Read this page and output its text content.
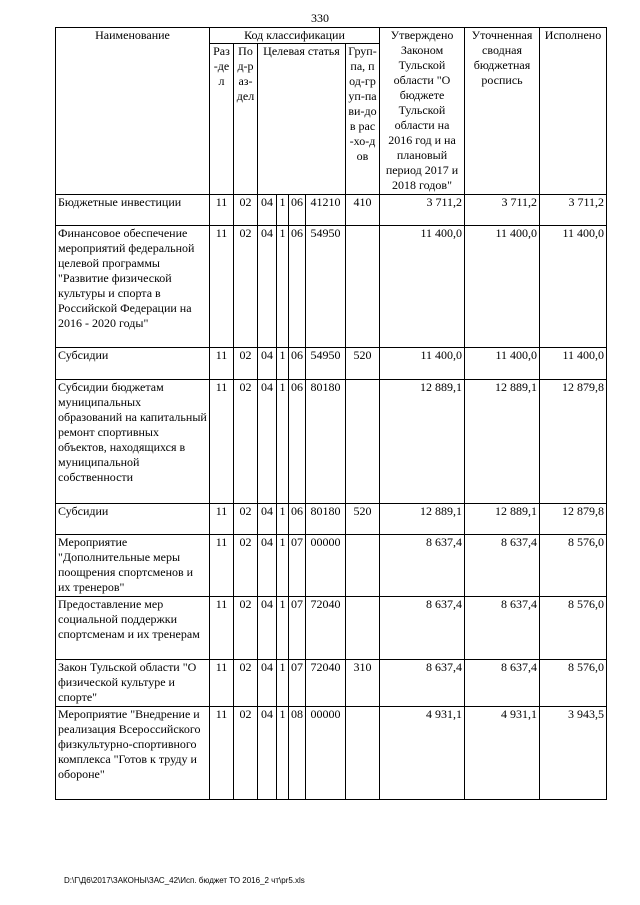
330
Наименование	Код классификации							Утверждено Законом Тульской области "О бюджете Тульской области на 2016 год и на плановый период 2017 и 2018 годов"	Уточненная сводная бюджетная роспись	Исполнено
	Раз-дел	Под-раз-дел	Целевая статья				Груп-па, под-груп-па ви-дов рас-хо-дов			
Бюджетные инвестиции	11	02	04	1	06	41210	410	3 711,2	3 711,2	3 711,2
Финансовое обеспечение мероприятий федеральной целевой программы "Развитие физической культуры и спорта в Российской Федерации на 2016 - 2020 годы"	11	02	04	1	06	54950		11 400,0	11 400,0	11 400,0
Субсидии	11	02	04	1	06	54950	520	11 400,0	11 400,0	11 400,0
Субсидии бюджетам муниципальных образований на капитальный ремонт спортивных объектов, находящихся в муниципальной собственности	11	02	04	1	06	80180		12 889,1	12 889,1	12 879,8
Субсидии	11	02	04	1	06	80180	520	12 889,1	12 889,1	12 879,8
Мероприятие "Дополнительные меры поощрения спортсменов и их тренеров"	11	02	04	1	07	00000		8 637,4	8 637,4	8 576,0
Предоставление мер социальной поддержки спортсменам и их тренерам	11	02	04	1	07	72040		8 637,4	8 637,4	8 576,0
Закон Тульской области "О физической культуре и спорте"	11	02	04	1	07	72040	310	8 637,4	8 637,4	8 576,0
Мероприятие "Внедрение и реализация Всероссийского физкультурно-спортивного комплекса "Готов к труду и обороне"	11	02	04	1	08	00000		4 931,1	4 931,1	3 943,5
D:\Г\Д6\2017\ЗАКОНЫ\ЗАС_42\Исп. бюджет ТО 2016_2 чт\pr5.xls
